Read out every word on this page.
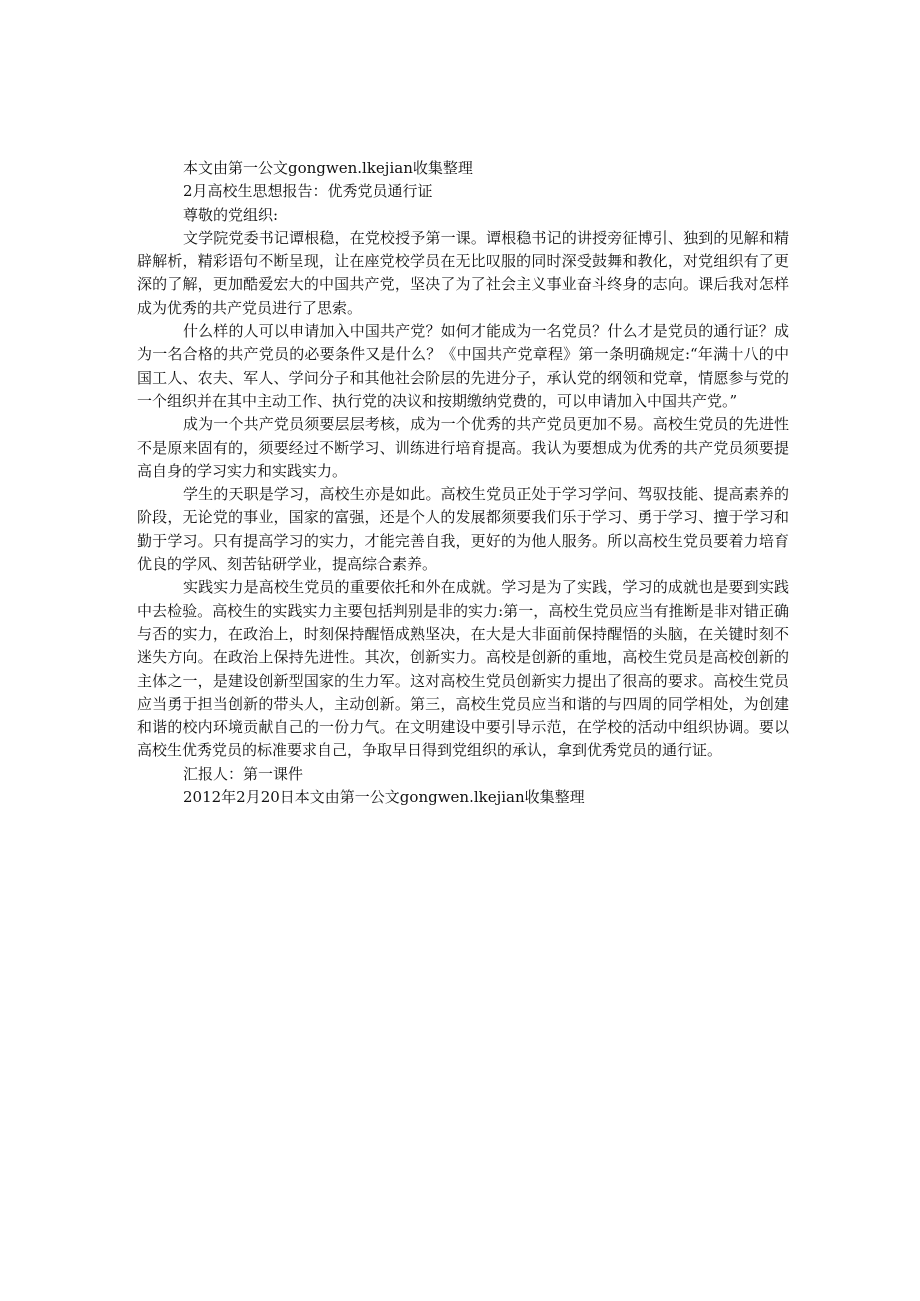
本文由第一公文gongwen.lkejian收集整理

2月高校生思想报告：优秀党员通行证

尊敬的党组织:

文学院党委书记谭根稳，在党校授予第一课。谭根稳书记的讲授旁征博引、独到的见解和精辟解析，精彩语句不断呈现，让在座党校学员在无比叹服的同时深受鼓舞和教化，对党组织有了更深的了解，更加酷爱宏大的中国共产党，坚决了为了社会主义事业奋斗终身的志向。课后我对怎样成为优秀的共产党员进行了思索。

什么样的人可以申请加入中国共产党？如何才能成为一名党员？什么才是党员的通行证？成为一名合格的共产党员的必要条件又是什么？《中国共产党章程》第一条明确规定:“年满十八的中国工人、农夫、军人、学问分子和其他社会阶层的先进分子，承认党的纲领和党章，情愿参与党的一个组织并在其中主动工作、执行党的决议和按期缴纳党费的，可以申请加入中国共产党。”

成为一个共产党员须要层层考核，成为一个优秀的共产党员更加不易。高校生党员的先进性不是原来固有的，须要经过不断学习、训练进行培育提高。我认为要想成为优秀的共产党员须要提高自身的学习实力和实践实力。

学生的天职是学习，高校生亦是如此。高校生党员正处于学习学问、驾驭技能、提高素养的阶段，无论党的事业，国家的富强，还是个人的发展都须要我们乐于学习、勇于学习、擅于学习和勤于学习。只有提高学习的实力，才能完善自我，更好的为他人服务。所以高校生党员要着力培育优良的学风、刻苦钻研学业，提高综合素养。

实践实力是高校生党员的重要依托和外在成就。学习是为了实践，学习的成就也是要到实践中去检验。高校生的实践实力主要包括判别是非的实力:第一，高校生党员应当有推断是非对错正确与否的实力，在政治上，时刻保持醒悟成熟坚决，在大是大非面前保持醒悟的头脑，在关键时刻不迷失方向。在政治上保持先进性。其次，创新实力。高校是创新的重地，高校生党员是高校创新的主体之一，是建设创新型国家的生力军。这对高校生党员创新实力提出了很高的要求。高校生党员应当勇于担当创新的带头人，主动创新。第三，高校生党员应当和谐的与四周的同学相处，为创建和谐的校内环境贡献自己的一份力气。在文明建设中要引导示范，在学校的活动中组织协调。要以高校生优秀党员的标准要求自己，争取早日得到党组织的承认，拿到优秀党员的通行证。

汇报人：第一课件

2012年2月20日本文由第一公文gongwen.lkejian收集整理
